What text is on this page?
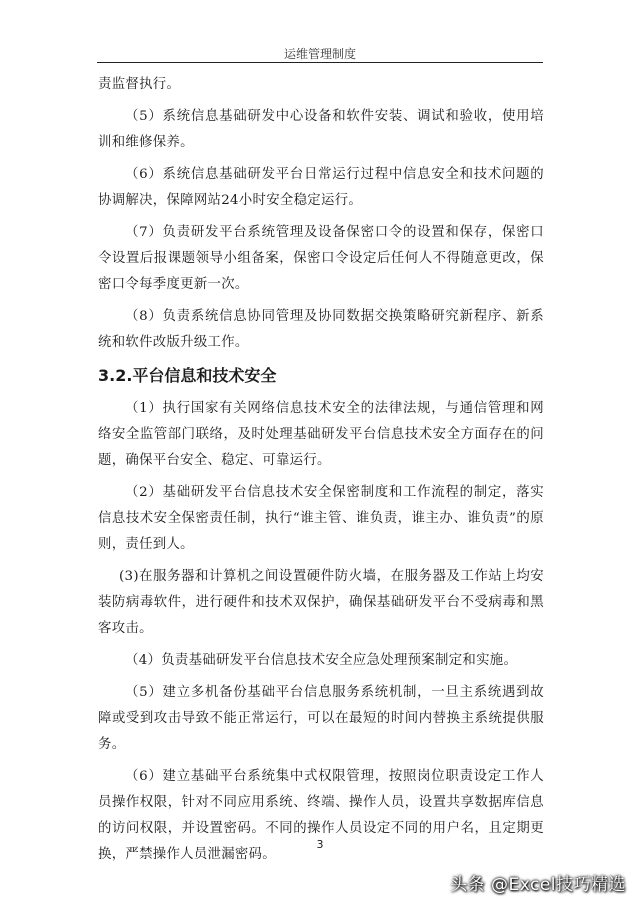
运维管理制度

责监督执行。

（5）系统信息基础研发中心设备和软件安装、调试和验收，使用培训和维修保养。

（6）系统信息基础研发平台日常运行过程中信息安全和技术问题的协调解决，保障网站24小时安全稳定运行。

（7）负责研发平台系统管理及设备保密口令的设置和保存，保密口令设置后报课题领导小组备案，保密口令设定后任何人不得随意更改，保密口令每季度更新一次。

（8）负责系统信息协同管理及协同数据交换策略研究新程序、新系统和软件改版升级工作。

3.2.平台信息和技术安全

（1）执行国家有关网络信息技术安全的法律法规，与通信管理和网络安全监管部门联络，及时处理基础研发平台信息技术安全方面存在的问题，确保平台安全、稳定、可靠运行。

（2）基础研发平台信息技术安全保密制度和工作流程的制定，落实信息技术安全保密责任制，执行“谁主管、谁负责，谁主办、谁负责”的原则，责任到人。

(3)在服务器和计算机之间设置硬件防火墙，在服务器及工作站上均安装防病毒软件，进行硬件和技术双保护，确保基础研发平台不受病毒和黑客攻击。

（4）负责基础研发平台信息技术安全应急处理预案制定和实施。

（5）建立多机备份基础平台信息服务系统机制，一旦主系统遇到故障或受到攻击导致不能正常运行，可以在最短的时间内替换主系统提供服务。

（6）建立基础平台系统集中式权限管理，按照岗位职责设定工作人员操作权限，针对不同应用系统、终端、操作人员，设置共享数据库信息的访问权限，并设置密码。不同的操作人员设定不同的用户名，且定期更换，严禁操作人员泄漏密码。

3
头条 @Excel技巧精选
